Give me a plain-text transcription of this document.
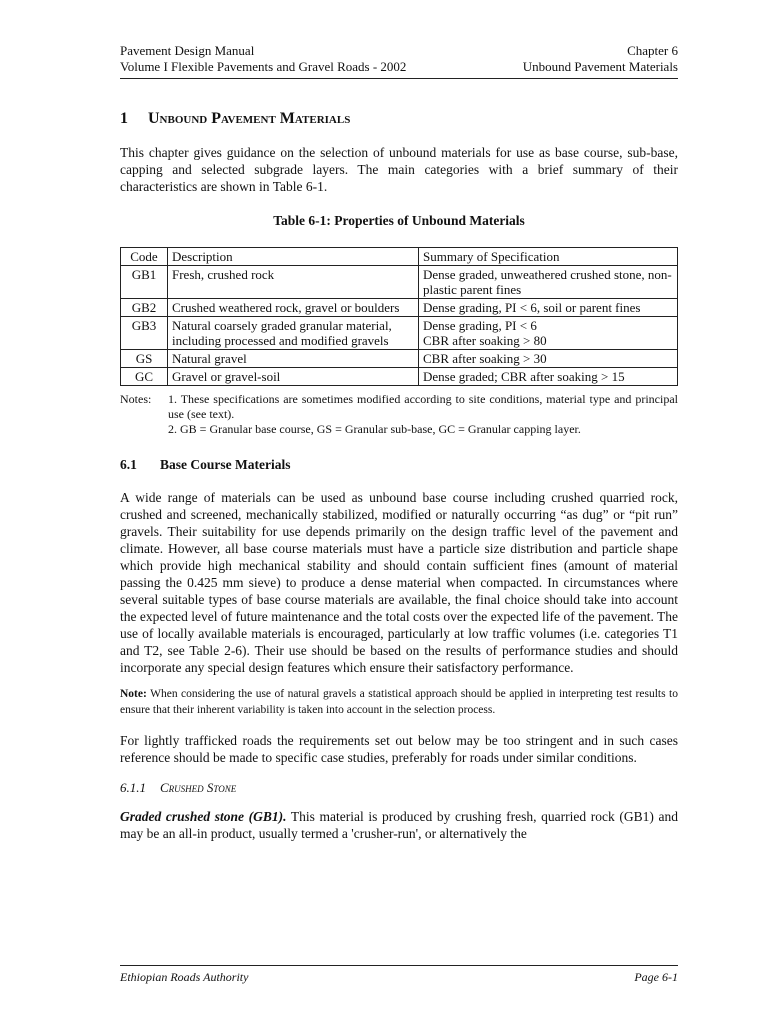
Pavement Design Manual	Chapter 6
Volume I Flexible Pavements and Gravel Roads - 2002	Unbound Pavement Materials
1 Unbound Pavement Materials

This chapter gives guidance on the selection of unbound materials for use as base course, sub-base, capping and selected subgrade layers. The main categories with a brief summary of their characteristics are shown in Table 6-1.

Table 6-1: Properties of Unbound Materials
Code	Description	Summary of Specification
GB1	Fresh, crushed rock	Dense graded, unweathered crushed stone, non-plastic parent fines
GB2	Crushed weathered rock, gravel or boulders	Dense grading, PI < 6, soil or parent fines
GB3	Natural coarsely graded granular material, including processed and modified gravels	Dense grading, PI < 6
CBR after soaking > 80

GS	Natural gravel	CBR after soaking > 30
GC	Gravel or gravel-soil	Dense graded; CBR after soaking > 15
Notes:	1. These specifications are sometimes modified according to site conditions, material type and principal use (see text).
2. GB = Granular base course, GS = Granular sub-base, GC = Granular capping layer.
6.1 Base Course Materials

A wide range of materials can be used as unbound base course including crushed quarried rock, crushed and screened, mechanically stabilized, modified or naturally occurring “as dug” or “pit run” gravels. Their suitability for use depends primarily on the design traffic level of the pavement and climate. However, all base course materials must have a particle size distribution and particle shape which provide high mechanical stability and should contain sufficient fines (amount of material passing the 0.425 mm sieve) to produce a dense material when compacted. In circumstances where several suitable types of base course materials are available, the final choice should take into account the expected level of future maintenance and the total costs over the expected life of the pavement. The use of locally available materials is encouraged, particularly at low traffic volumes (i.e. categories T1 and T2, see Table 2-6). Their use should be based on the results of performance studies and should incorporate any special design features which ensure their satisfactory performance.

Note: When considering the use of natural gravels a statistical approach should be applied in interpreting test results to ensure that their inherent variability is taken into account in the selection process.

For lightly trafficked roads the requirements set out below may be too stringent and in such cases reference should be made to specific case studies, preferably for roads under similar conditions.

6.1.1 Crushed Stone

Graded crushed stone (GB1). This material is produced by crushing fresh, quarried rock (GB1) and may be an all-in product, usually termed a 'crusher-run', or alternatively the

Ethiopian Roads Authority	Page 6-1
